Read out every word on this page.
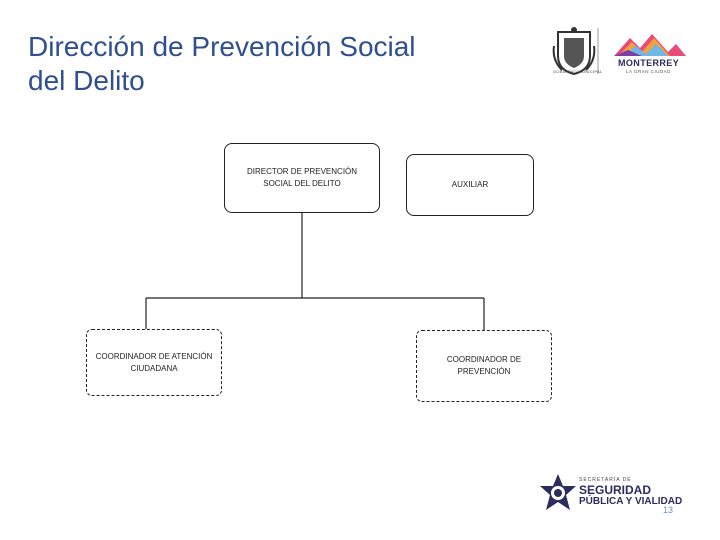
Dirección de Prevención Social
del Delito	GOBIERNO MUNICIPAL
MONTERREY
LA GRAN CIUDAD
DIRECTOR DE PREVENCIÓN
SOCIAL DEL DELITO	AUXILIAR
COORDINADOR DE ATENCIÓN
CIUDADANA
COORDINADOR DE
PREVENCIÓN
SECRETARÍA DE
SEGURIDAD
PÚBLICA Y VIALIDAD
13
